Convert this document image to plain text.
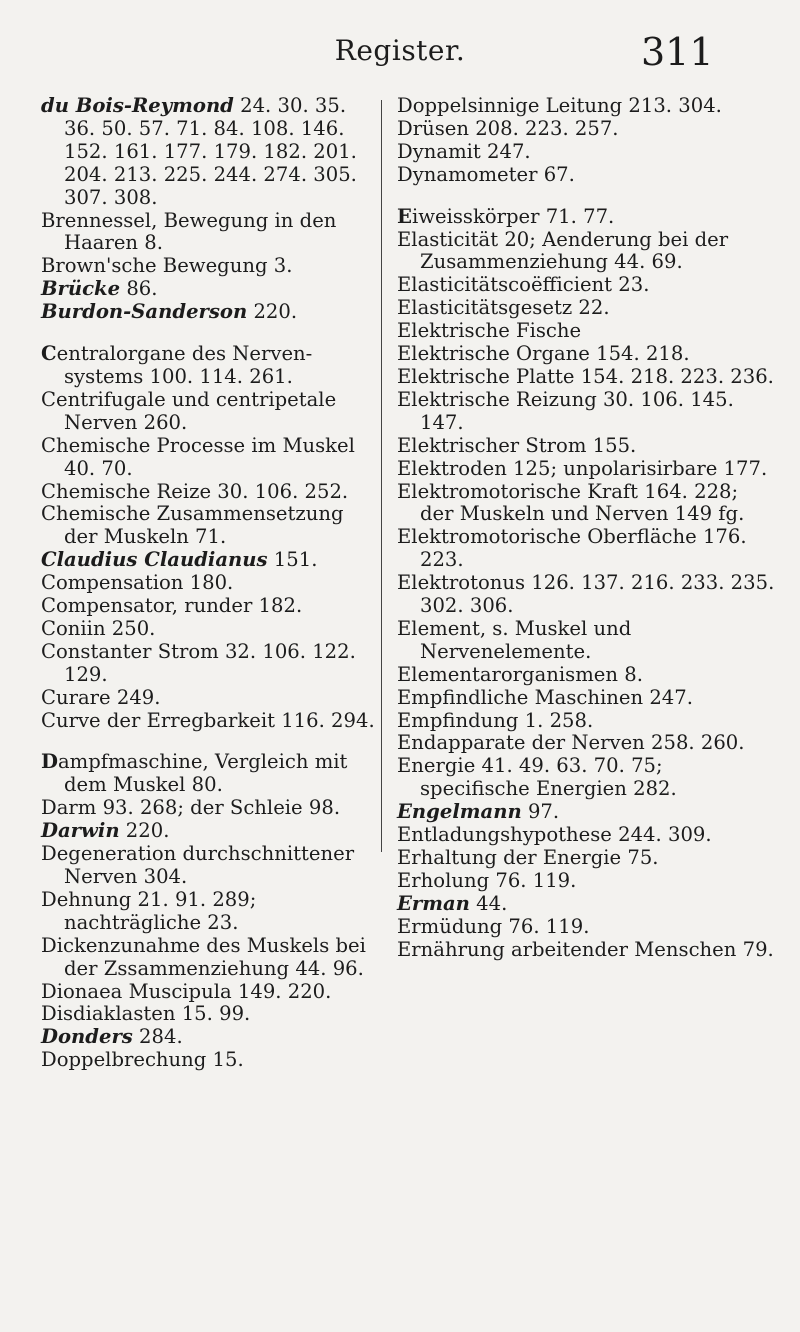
Register.	311

du Bois-Reymond 24. 30. 35. 36. 50. 57. 71. 84. 108. 146. 152. 161. 177. 179. 182. 201. 204. 213. 225. 244. 274. 305. 307. 308.

Brennessel, Bewegung in den Haaren 8.

Brown'sche Bewegung 3.

Brücke 86.

Burdon-Sanderson 220.

Centralorgane des Nerven-systems 100. 114. 261.

Centrifugale und centripetale Nerven 260.

Chemische Processe im Muskel 40. 70.

Chemische Reize 30. 106. 252.

Chemische Zusammensetzung der Muskeln 71.

Claudius Claudianus 151.

Compensation 180.

Compensator, runder 182.

Coniin 250.

Constanter Strom 32. 106. 122. 129.

Curare 249.

Curve der Erregbarkeit 116. 294.

Dampfmaschine, Vergleich mit dem Muskel 80.

Darm 93. 268; der Schleie 98.

Darwin 220.

Degeneration durchschnittener Nerven 304.

Dehnung 21. 91. 289; nachträgliche 23.

Dickenzunahme des Muskels bei der Zssammenziehung 44. 96.

Dionaea Muscipula 149. 220.

Disdiaklasten 15. 99.

Donders 284.

Doppelbrechung 15.

Doppelsinnige Leitung 213. 304.

Drüsen 208. 223. 257.

Dynamit 247.

Dynamometer 67.

Eiweisskörper 71. 77.

Elasticität 20; Aenderung bei der Zusammenziehung 44. 69.

Elasticitätscoëfficient 23.

Elasticitätsgesetz 22.

Elektrische Fische

Elektrische Organe 154. 218.

Elektrische Platte 154. 218. 223. 236.

Elektrische Reizung 30. 106. 145. 147.

Elektrischer Strom 155.

Elektroden 125; unpolarisirbare 177.

Elektromotorische Kraft 164. 228; der Muskeln und Nerven 149 fg.

Elektromotorische Oberfläche 176. 223.

Elektrotonus 126. 137. 216. 233. 235. 302. 306.

Element, s. Muskel und Nervenelemente.

Elementarorganismen 8.

Empfindliche Maschinen 247.

Empfindung 1. 258.

Endapparate der Nerven 258. 260.

Energie 41. 49. 63. 70. 75; specifische Energien 282.

Engelmann 97.

Entladungshypothese 244. 309.

Erhaltung der Energie 75.

Erholung 76. 119.

Erman 44.

Ermüdung 76. 119.

Ernährung arbeitender Menschen 79.
